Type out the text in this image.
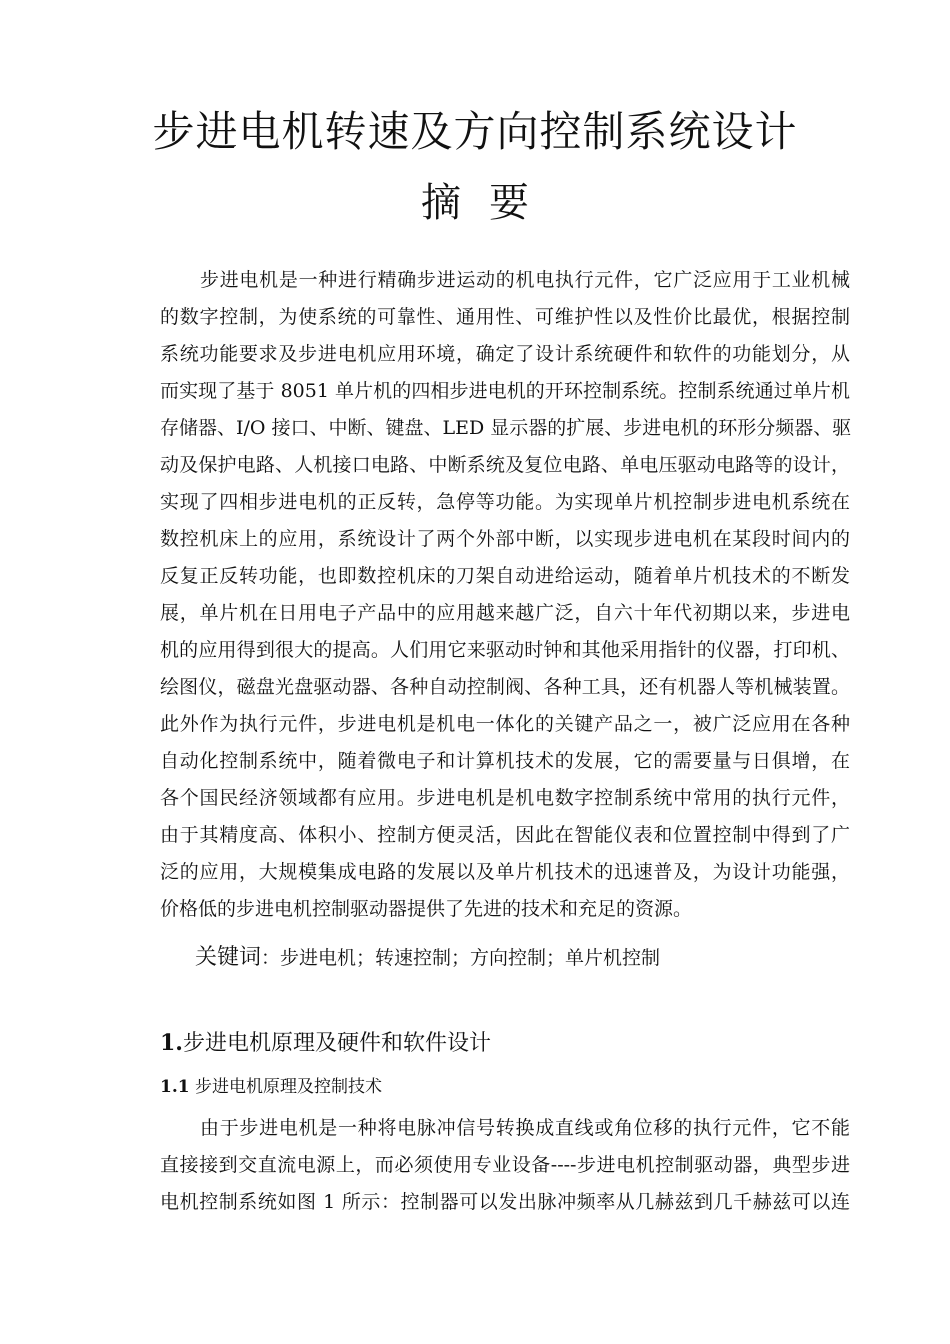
步进电机转速及方向控制系统设计
摘 要
步进电机是一种进行精确步进运动的机电执行元件，它广泛应用于工业机械
的数字控制，为使系统的可靠性、通用性、可维护性以及性价比最优，根据控制
系统功能要求及步进电机应用环境，确定了设计系统硬件和软件的功能划分，从
而实现了基于 8051 单片机的四相步进电机的开环控制系统。控制系统通过单片机
存储器、I/O 接口、中断、键盘、LED 显示器的扩展、步进电机的环形分频器、驱
动及保护电路、人机接口电路、中断系统及复位电路、单电压驱动电路等的设计，
实现了四相步进电机的正反转，急停等功能。为实现单片机控制步进电机系统在
数控机床上的应用，系统设计了两个外部中断，以实现步进电机在某段时间内的
反复正反转功能，也即数控机床的刀架自动进给运动，随着单片机技术的不断发
展，单片机在日用电子产品中的应用越来越广泛，自六十年代初期以来，步进电
机的应用得到很大的提高。人们用它来驱动时钟和其他采用指针的仪器，打印机、
绘图仪，磁盘光盘驱动器、各种自动控制阀、各种工具，还有机器人等机械装置。
此外作为执行元件，步进电机是机电一体化的关键产品之一，被广泛应用在各种
自动化控制系统中，随着微电子和计算机技术的发展，它的需要量与日俱增，在
各个国民经济领域都有应用。步进电机是机电数字控制系统中常用的执行元件，
由于其精度高、体积小、控制方便灵活，因此在智能仪表和位置控制中得到了广
泛的应用，大规模集成电路的发展以及单片机技术的迅速普及，为设计功能强，
价格低的步进电机控制驱动器提供了先进的技术和充足的资源。
关键词：步进电机；转速控制；方向控制；单片机控制
1.步进电机原理及硬件和软件设计
1.1 步进电机原理及控制技术
由于步进电机是一种将电脉冲信号转换成直线或角位移的执行元件，它不能
直接接到交直流电源上，而必须使用专业设备----步进电机控制驱动器，典型步进
电机控制系统如图 1 所示：控制器可以发出脉冲频率从几赫兹到几千赫兹可以连
